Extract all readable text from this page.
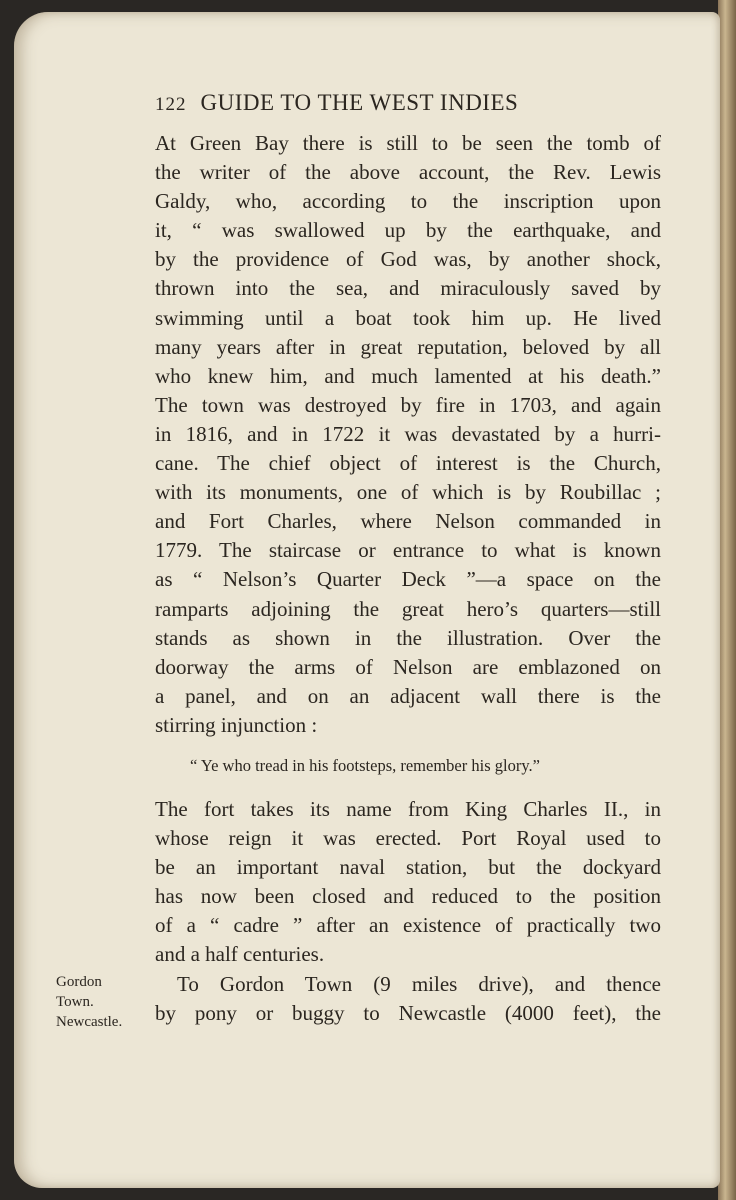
122 GUIDE TO THE WEST INDIES
At Green Bay there is still to be seen the tomb of
the writer of the above account, the Rev. Lewis
Galdy, who, according to the inscription upon
it, “ was swallowed up by the earthquake, and
by the providence of God was, by another shock,
thrown into the sea, and miraculously saved by
swimming until a boat took him up. He lived
many years after in great reputation, beloved by all
who knew him, and much lamented at his death.”
The town was destroyed by fire in 1703, and again
in 1816, and in 1722 it was devastated by a hurri-
cane. The chief object of interest is the Church,
with its monuments, one of which is by Roubillac ;
and Fort Charles, where Nelson commanded in
1779. The staircase or entrance to what is known
as “ Nelson’s Quarter Deck ”—a space on the
ramparts adjoining the great hero’s quarters—still
stands as shown in the illustration. Over the
doorway the arms of Nelson are emblazoned on
a panel, and on an adjacent wall there is the
stirring injunction :
“ Ye who tread in his footsteps, remember his glory.”
The fort takes its name from King Charles II., in
whose reign it was erected. Port Royal used to
be an important naval station, but the dockyard
has now been closed and reduced to the position
of a “ cadre ” after an existence of practically two
and a half centuries.
To Gordon Town (9 miles drive), and thence
by pony or buggy to Newcastle (4000 feet), the
Gordon
Town.
Newcastle.
